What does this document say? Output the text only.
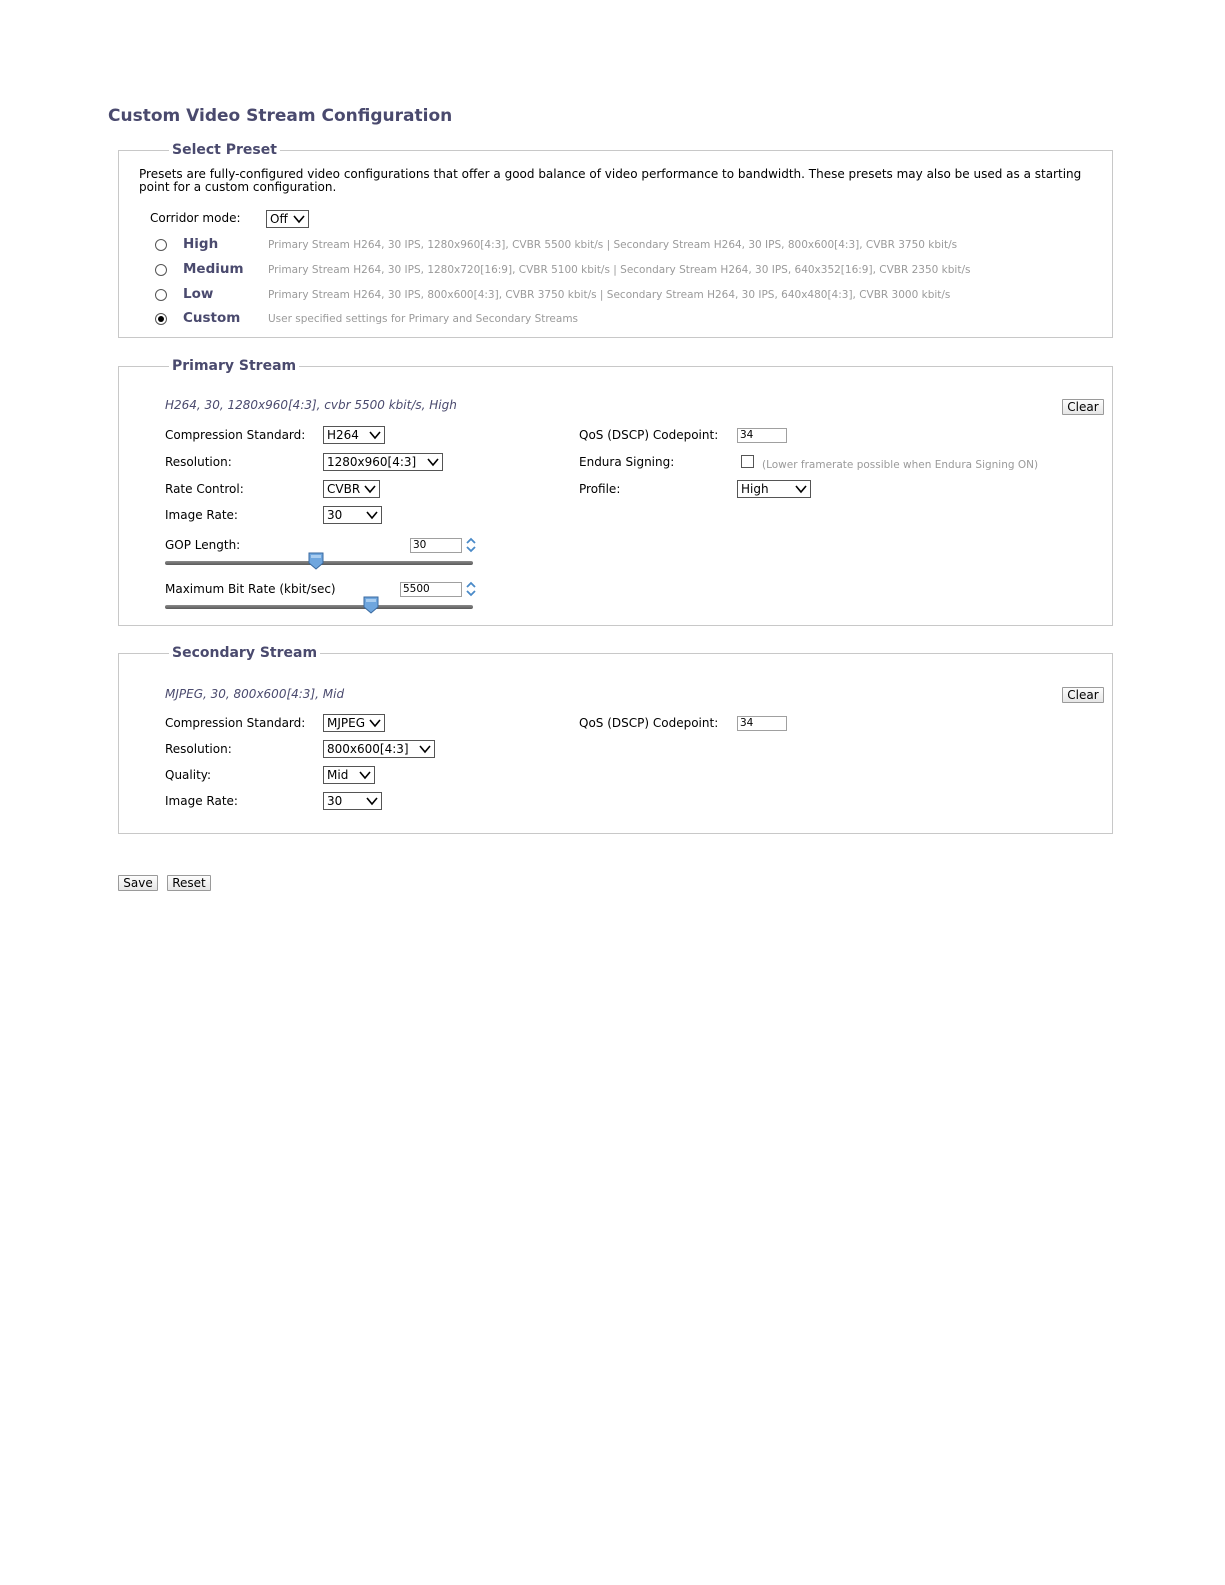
Custom Video Stream Configuration
Select Preset
Presets are fully-configured video configurations that offer a good balance of video performance to bandwidth. These presets may also be used as a starting point for a custom configuration.
Corridor mode:	Off
High	Primary Stream H264, 30 IPS, 1280x960[4:3], CVBR 5500 kbit/s | Secondary Stream H264, 30 IPS, 800x600[4:3], CVBR 3750 kbit/s
Medium Primary Stream H264, 30 IPS, 1280x720[16:9], CVBR 5100 kbit/s | Secondary Stream H264, 30 IPS, 640x352[16:9], CVBR 2350 kbit/s
Low	Primary Stream H264, 30 IPS, 800x600[4:3], CVBR 3750 kbit/s | Secondary Stream H264, 30 IPS, 640x480[4:3], CVBR 3000 kbit/s
Custom	User specified settings for Primary and Secondary Streams
Primary Stream
H264, 30, 1280x960[4:3], cvbr 5500 kbit/s, High	Clear
Compression Standard:	H264
Resolution:	1280x960[4:3]
Rate Control:	CVBR
Image Rate:	30
GOP Length:	30
Maximum Bit Rate (kbit/sec)	5500
QoS (DSCP) Codepoint: 34
Endura Signing:	(Lower framerate possible when Endura Signing ON)
Profile:	High
Secondary Stream
MJPEG, 30, 800x600[4:3], Mid	Clear
Compression Standard:	MJPEG
Resolution:	800x600[4:3]
Quality:	Mid
Image Rate:	30
QoS (DSCP) Codepoint: 34
Save	Reset
